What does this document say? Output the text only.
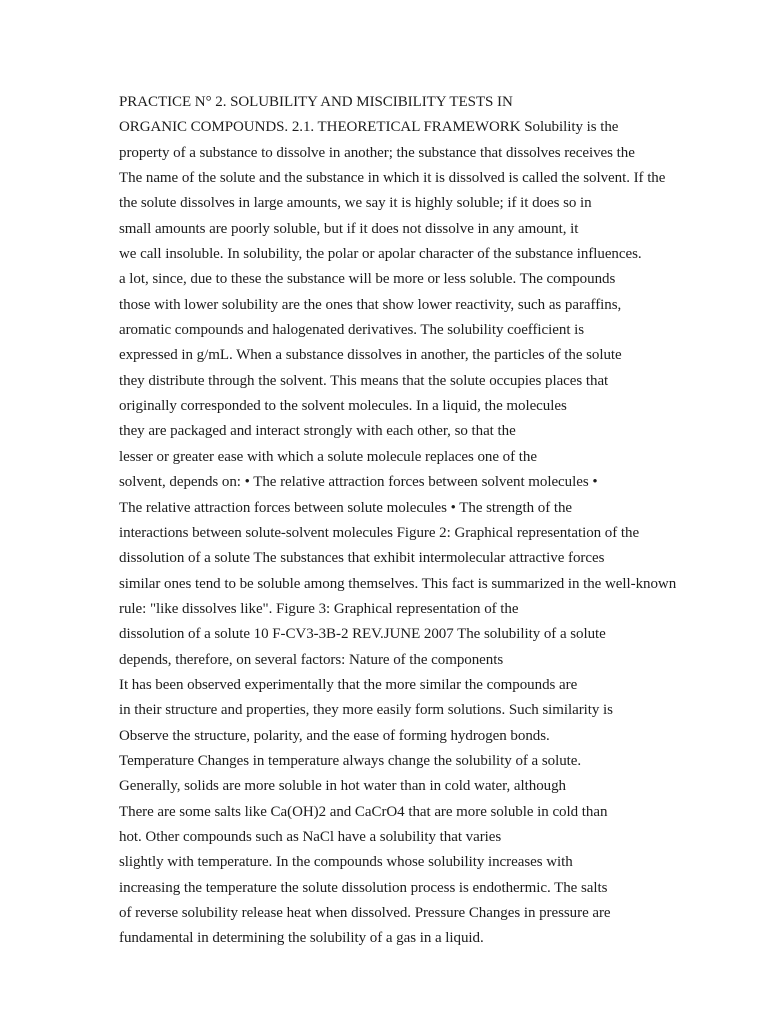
PRACTICE N° 2. SOLUBILITY AND MISCIBILITY TESTS IN
ORGANIC COMPOUNDS. 2.1. THEORETICAL FRAMEWORK Solubility is the
property of a substance to dissolve in another; the substance that dissolves receives the
The name of the solute and the substance in which it is dissolved is called the solvent. If the
the solute dissolves in large amounts, we say it is highly soluble; if it does so in
small amounts are poorly soluble, but if it does not dissolve in any amount, it
we call insoluble. In solubility, the polar or apolar character of the substance influences.
a lot, since, due to these the substance will be more or less soluble. The compounds
those with lower solubility are the ones that show lower reactivity, such as paraffins,
aromatic compounds and halogenated derivatives. The solubility coefficient is
expressed in g/mL. When a substance dissolves in another, the particles of the solute
they distribute through the solvent. This means that the solute occupies places that
originally corresponded to the solvent molecules. In a liquid, the molecules
they are packaged and interact strongly with each other, so that the
lesser or greater ease with which a solute molecule replaces one of the
solvent, depends on: • The relative attraction forces between solvent molecules •
The relative attraction forces between solute molecules • The strength of the
interactions between solute-solvent molecules Figure 2: Graphical representation of the
dissolution of a solute The substances that exhibit intermolecular attractive forces
similar ones tend to be soluble among themselves. This fact is summarized in the well-known
rule: "like dissolves like". Figure 3: Graphical representation of the
dissolution of a solute 10 F-CV3-3B-2 REV.JUNE 2007 The solubility of a solute
depends, therefore, on several factors: Nature of the components
It has been observed experimentally that the more similar the compounds are
in their structure and properties, they more easily form solutions. Such similarity is
Observe the structure, polarity, and the ease of forming hydrogen bonds.
Temperature Changes in temperature always change the solubility of a solute.
Generally, solids are more soluble in hot water than in cold water, although
There are some salts like Ca(OH)2 and CaCrO4 that are more soluble in cold than
hot. Other compounds such as NaCl have a solubility that varies
slightly with temperature. In the compounds whose solubility increases with
increasing the temperature the solute dissolution process is endothermic. The salts
of reverse solubility release heat when dissolved. Pressure Changes in pressure are
fundamental in determining the solubility of a gas in a liquid.
